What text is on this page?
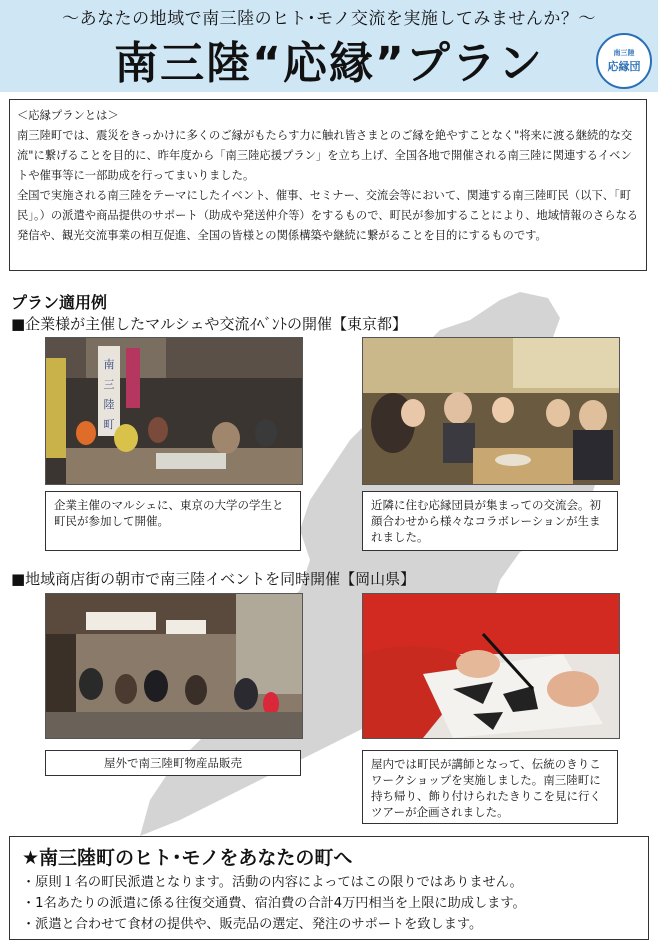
～あなたの地域で南三陸のヒト･モノ交流を実施してみませんか？～
南三陸“応縁”プラン	南三陸
応縁団

＜応縁プランとは＞

南三陸町では、震災をきっかけに多くのご縁がもたらす力に触れ皆さまとのご縁を絶やすことなく"将来に渡る継続的な交流"に繋げることを目的に、昨年度から「南三陸応援プラン」を立ち上げ、全国各地で開催される南三陸に関連するイベントや催事等に一部助成を行ってまいりました。

全国で実施される南三陸をテーマにしたイベント、催事、セミナー、交流会等において、関連する南三陸町民（以下、「町民」。）の派遣や商品提供のサポート（助成や発送仲介等）をするもので、町民が参加することにより、地域情報のさらなる発信や、観光交流事業の相互促進、全国の皆様との関係構築や継続に繋がることを目的にするものです。

プラン適用例
■企業様が主催したマルシェや交流ｲﾍﾞﾝﾄの開催【東京都】
南
三
陸
町
企業主催のマルシェに、東京の大学の学生と町民が参加して開催。
近隣に住む応縁団員が集まっての交流会。初顔合わせから様々なコラボレーションが生まれました。
■地域商店街の朝市で南三陸イベントを同時開催【岡山県】
屋外で南三陸町物産品販売	屋内では町民が講師となって、伝統のきりこワークショップを実施しました。南三陸町に持ち帰り、飾り付けられたきりこを見に行くツアーが企画されました。
★南三陸町のヒト･モノをあなたの町へ

・原則１名の町民派遣となります。活動の内容によってはこの限りではありません。

・1名あたりの派遣に係る往復交通費、宿泊費の合計4万円相当を上限に助成します。

・派遣と合わせて食材の提供や、販売品の選定、発注のサポートを致します。
